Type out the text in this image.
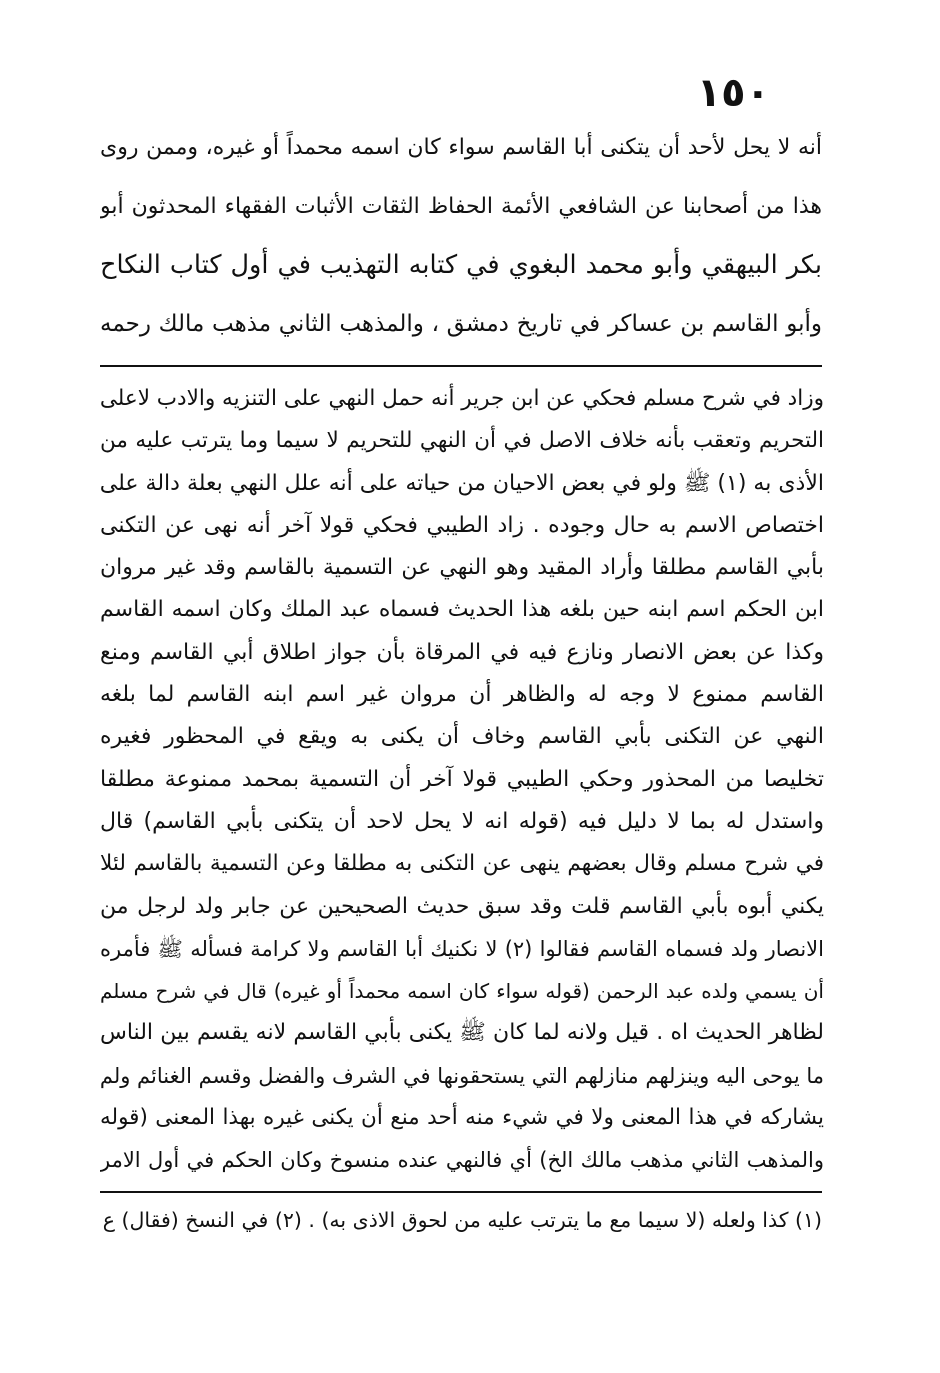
١٥٠
أنه لا يحل لأحد أن يتكنى أبا القاسم سواء كان اسمه محمداً أو غيره، وممن روى
هذا من أصحابنا عن الشافعي الأئمة الحفاظ الثقات الأثبات الفقهاء المحدثون أبو
بكر البيهقي وأبو محمد البغوي في كتابه التهذيب في أول كتاب النكاح
وأبو القاسم بن عساكر في تاريخ دمشق ، والمذهب الثاني مذهب مالك رحمه
وزاد في شرح مسلم فحكي عن ابن جرير أنه حمل النهي على التنزيه والادب لاعلى
التحريم وتعقب بأنه خلاف الاصل في أن النهي للتحريم لا سيما وما يترتب عليه من
الأذى به (١) ﷺ ولو في بعض الاحيان من حياته على أنه علل النهي بعلة دالة على
اختصاص الاسم به حال وجوده . زاد الطيبي فحكي قولا آخر أنه نهى عن التكنى
بأبي القاسم مطلقا وأراد المقيد وهو النهي عن التسمية بالقاسم وقد غير مروان
ابن الحكم اسم ابنه حين بلغه هذا الحديث فسماه عبد الملك وكان اسمه القاسم
وكذا عن بعض الانصار ونازع فيه في المرقاة بأن جواز اطلاق أبي القاسم ومنع
القاسم ممنوع لا وجه له والظاهر أن مروان غير اسم ابنه القاسم لما بلغه
النهي عن التكنى بأبي القاسم وخاف أن يكنى به ويقع في المحظور فغيره
تخليصا من المحذور وحكي الطيبي قولا آخر أن التسمية بمحمد ممنوعة مطلقا
واستدل له بما لا دليل فيه (قوله انه لا يحل لاحد أن يتكنى بأبي القاسم) قال
في شرح مسلم وقال بعضهم ينهى عن التكنى به مطلقا وعن التسمية بالقاسم لئلا
يكني أبوه بأبي القاسم قلت وقد سبق حديث الصحيحين عن جابر ولد لرجل من
الانصار ولد فسماه القاسم فقالوا (٢) لا نكنيك أبا القاسم ولا كرامة فسأله ﷺ فأمره
أن يسمي ولده عبد الرحمن (قوله سواء كان اسمه محمداً أو غيره) قال في شرح مسلم
لظاهر الحديث اه . قيل ولانه لما كان ﷺ يكنى بأبي القاسم لانه يقسم بين الناس
ما يوحى اليه وينزلهم منازلهم التي يستحقونها في الشرف والفضل وقسم الغنائم ولم
يشاركه في هذا المعنى ولا في شيء منه أحد منع أن يكنى غيره بهذا المعنى (قوله
والمذهب الثاني مذهب مالك الخ) أي فالنهي عنده منسوخ وكان الحكم في أول الامر
(١) كذا ولعله (لا سيما مع ما يترتب عليه من لحوق الاذى به) . (٢) في النسخ (فقال) ع
